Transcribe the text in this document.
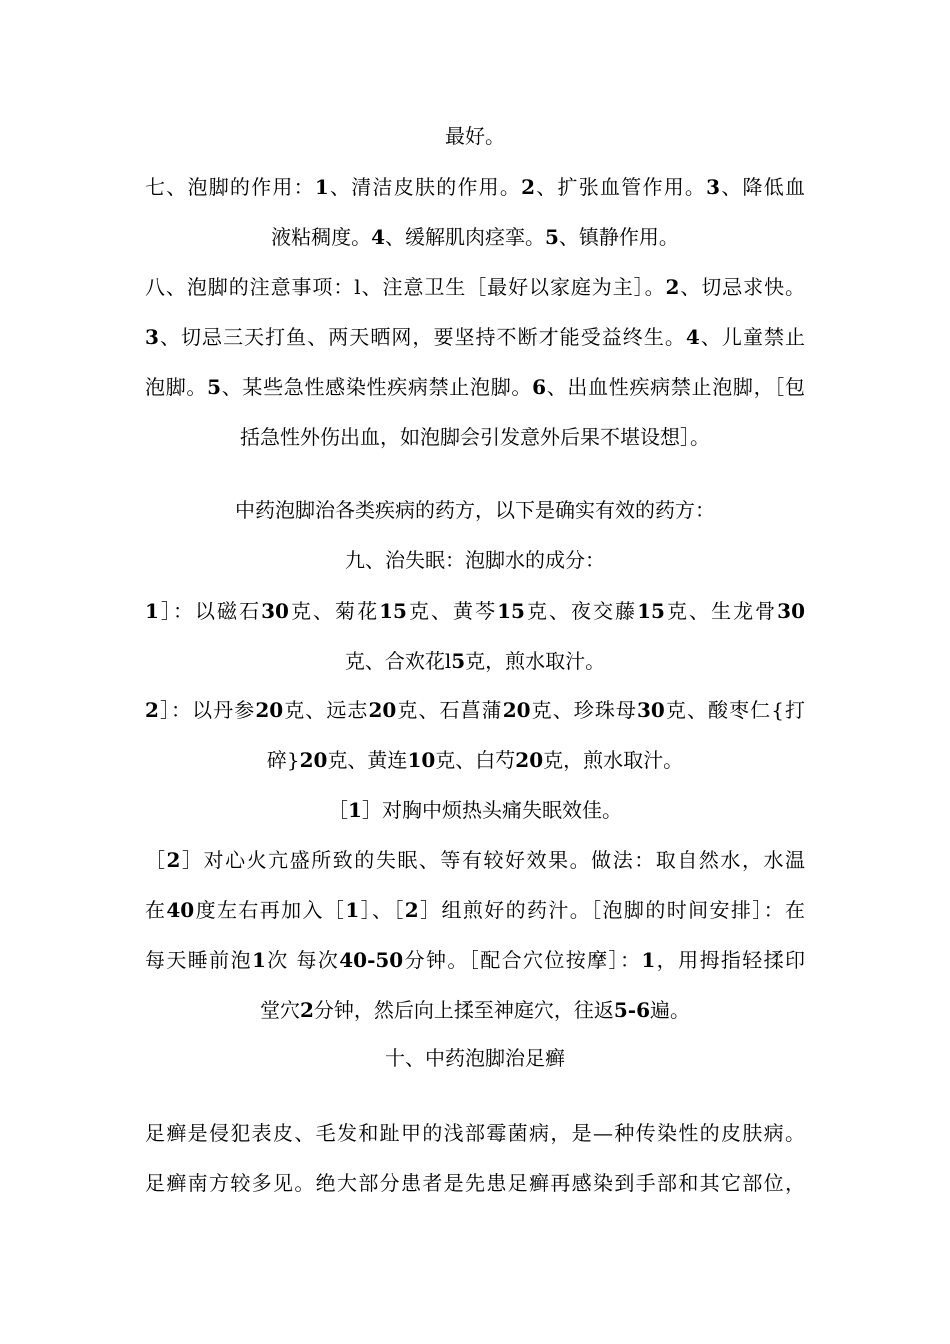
最好。
七、泡脚的作用：1、清洁皮肤的作用。2、扩张血管作用。3、降低血
液粘稠度。4、缓解肌肉痉挛。5、镇静作用。
八、泡脚的注意事项：l、注意卫生［最好以家庭为主］。2、切忌求快。
3、切忌三天打鱼、两天晒网，要坚持不断才能受益终生。4、儿童禁止
泡脚。5、某些急性感染性疾病禁止泡脚。6、出血性疾病禁止泡脚，［包
括急性外伤出血，如泡脚会引发意外后果不堪设想］。
中药泡脚治各类疾病的药方，以下是确实有效的药方：
九、治失眠：泡脚水的成分：
1］：以磁石30克、菊花15克、黄芩15克、夜交藤15克、生龙骨30
克、合欢花l5克，煎水取汁。
2］：以丹参20克、远志20克、石菖蒲20克、珍珠母30克、酸枣仁{打
碎}20克、黄连10克、白芍20克，煎水取汁。
［1］对胸中烦热头痛失眠效佳。
［2］对心火亢盛所致的失眠、等有较好效果。做法：取自然水，水温
在40度左右再加入［1］、［2］组煎好的药汁。［泡脚的时间安排］：在
每天睡前泡1次 每次40-50分钟。［配合穴位按摩］：1，用拇指轻揉印
堂穴2分钟，然后向上揉至神庭穴，往返5-6遍。
十、中药泡脚治足癣
足癣是侵犯表皮、毛发和趾甲的浅部霉菌病，是—种传染性的皮肤病。
足癣南方较多见。绝大部分患者是先患足癣再感染到手部和其它部位，
